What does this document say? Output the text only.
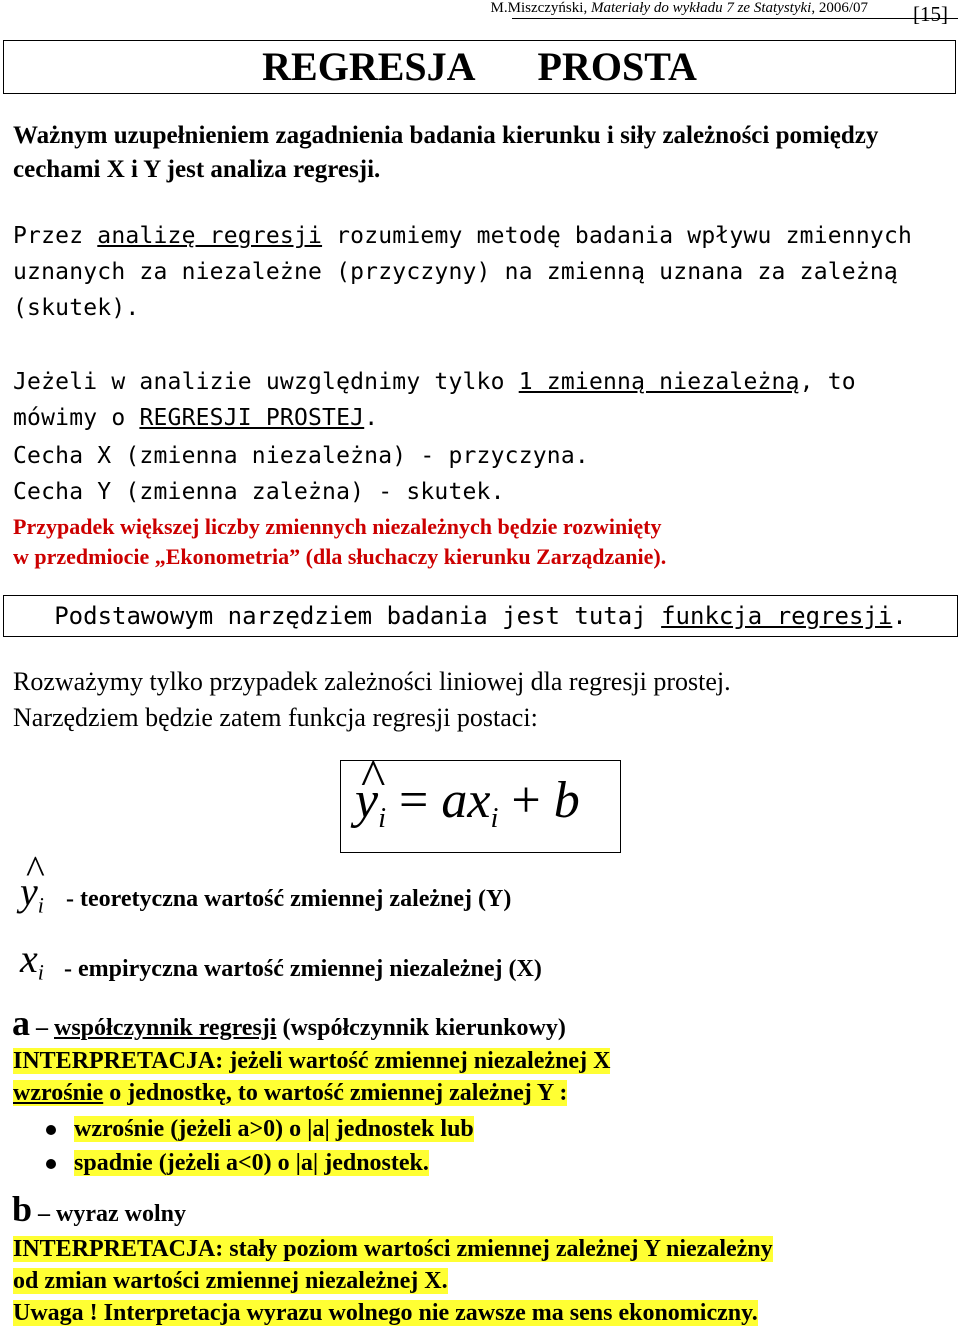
M.Miszczyński, Materiały do wykładu 7 ze Statystyki, 2006/07 [15]
REGRESJA PROSTA

Ważnym uzupełnieniem zagadnienia badania kierunku i siły zależności pomiędzy cechami X i Y jest analiza regresji.

Przez analizę regresji rozumiemy metodę badania wpływu zmiennych uznanych za niezależne (przyczyny) na zmienną uznana za zależną (skutek).

Jeżeli w analizie uwzględnimy tylko 1 zmienną niezależną, to mówimy o REGRESJI PROSTEJ.

Cecha X (zmienna niezależna) - przyczyna.

Cecha Y (zmienna zależna) - skutek.

Przypadek większej liczby zmiennych niezależnych będzie rozwinięty

w przedmiocie „Ekonometria” (dla słuchaczy kierunku Zarządzanie).

Podstawowym narzędziem badania jest tutaj funkcja regresji.

Rozważymy tylko przypadek zależności liniowej dla regresji prostej.

Narzędziem będzie zatem funkcja regresji postaci:

^ $y_i = ax_i + b$
^ $y_i$ - teoretyczna wartość zmiennej zależnej (Y)

$x_i$ - empiryczna wartość zmiennej niezależnej (X)

a – współczynnik regresji (współczynnik kierunkowy)

INTERPRETACJA: jeżeli wartość zmiennej niezależnej X

wzrośnie o jednostkę, to wartość zmiennej zależnej Y :

wzrośnie (jeżeli a>0) o |a| jednostek lub

spadnie (jeżeli a<0) o |a| jednostek.

b – wyraz wolny

INTERPRETACJA: stały poziom wartości zmiennej zależnej Y niezależny

od zmian wartości zmiennej niezależnej X.

Uwaga ! Interpretacja wyrazu wolnego nie zawsze ma sens ekonomiczny.
